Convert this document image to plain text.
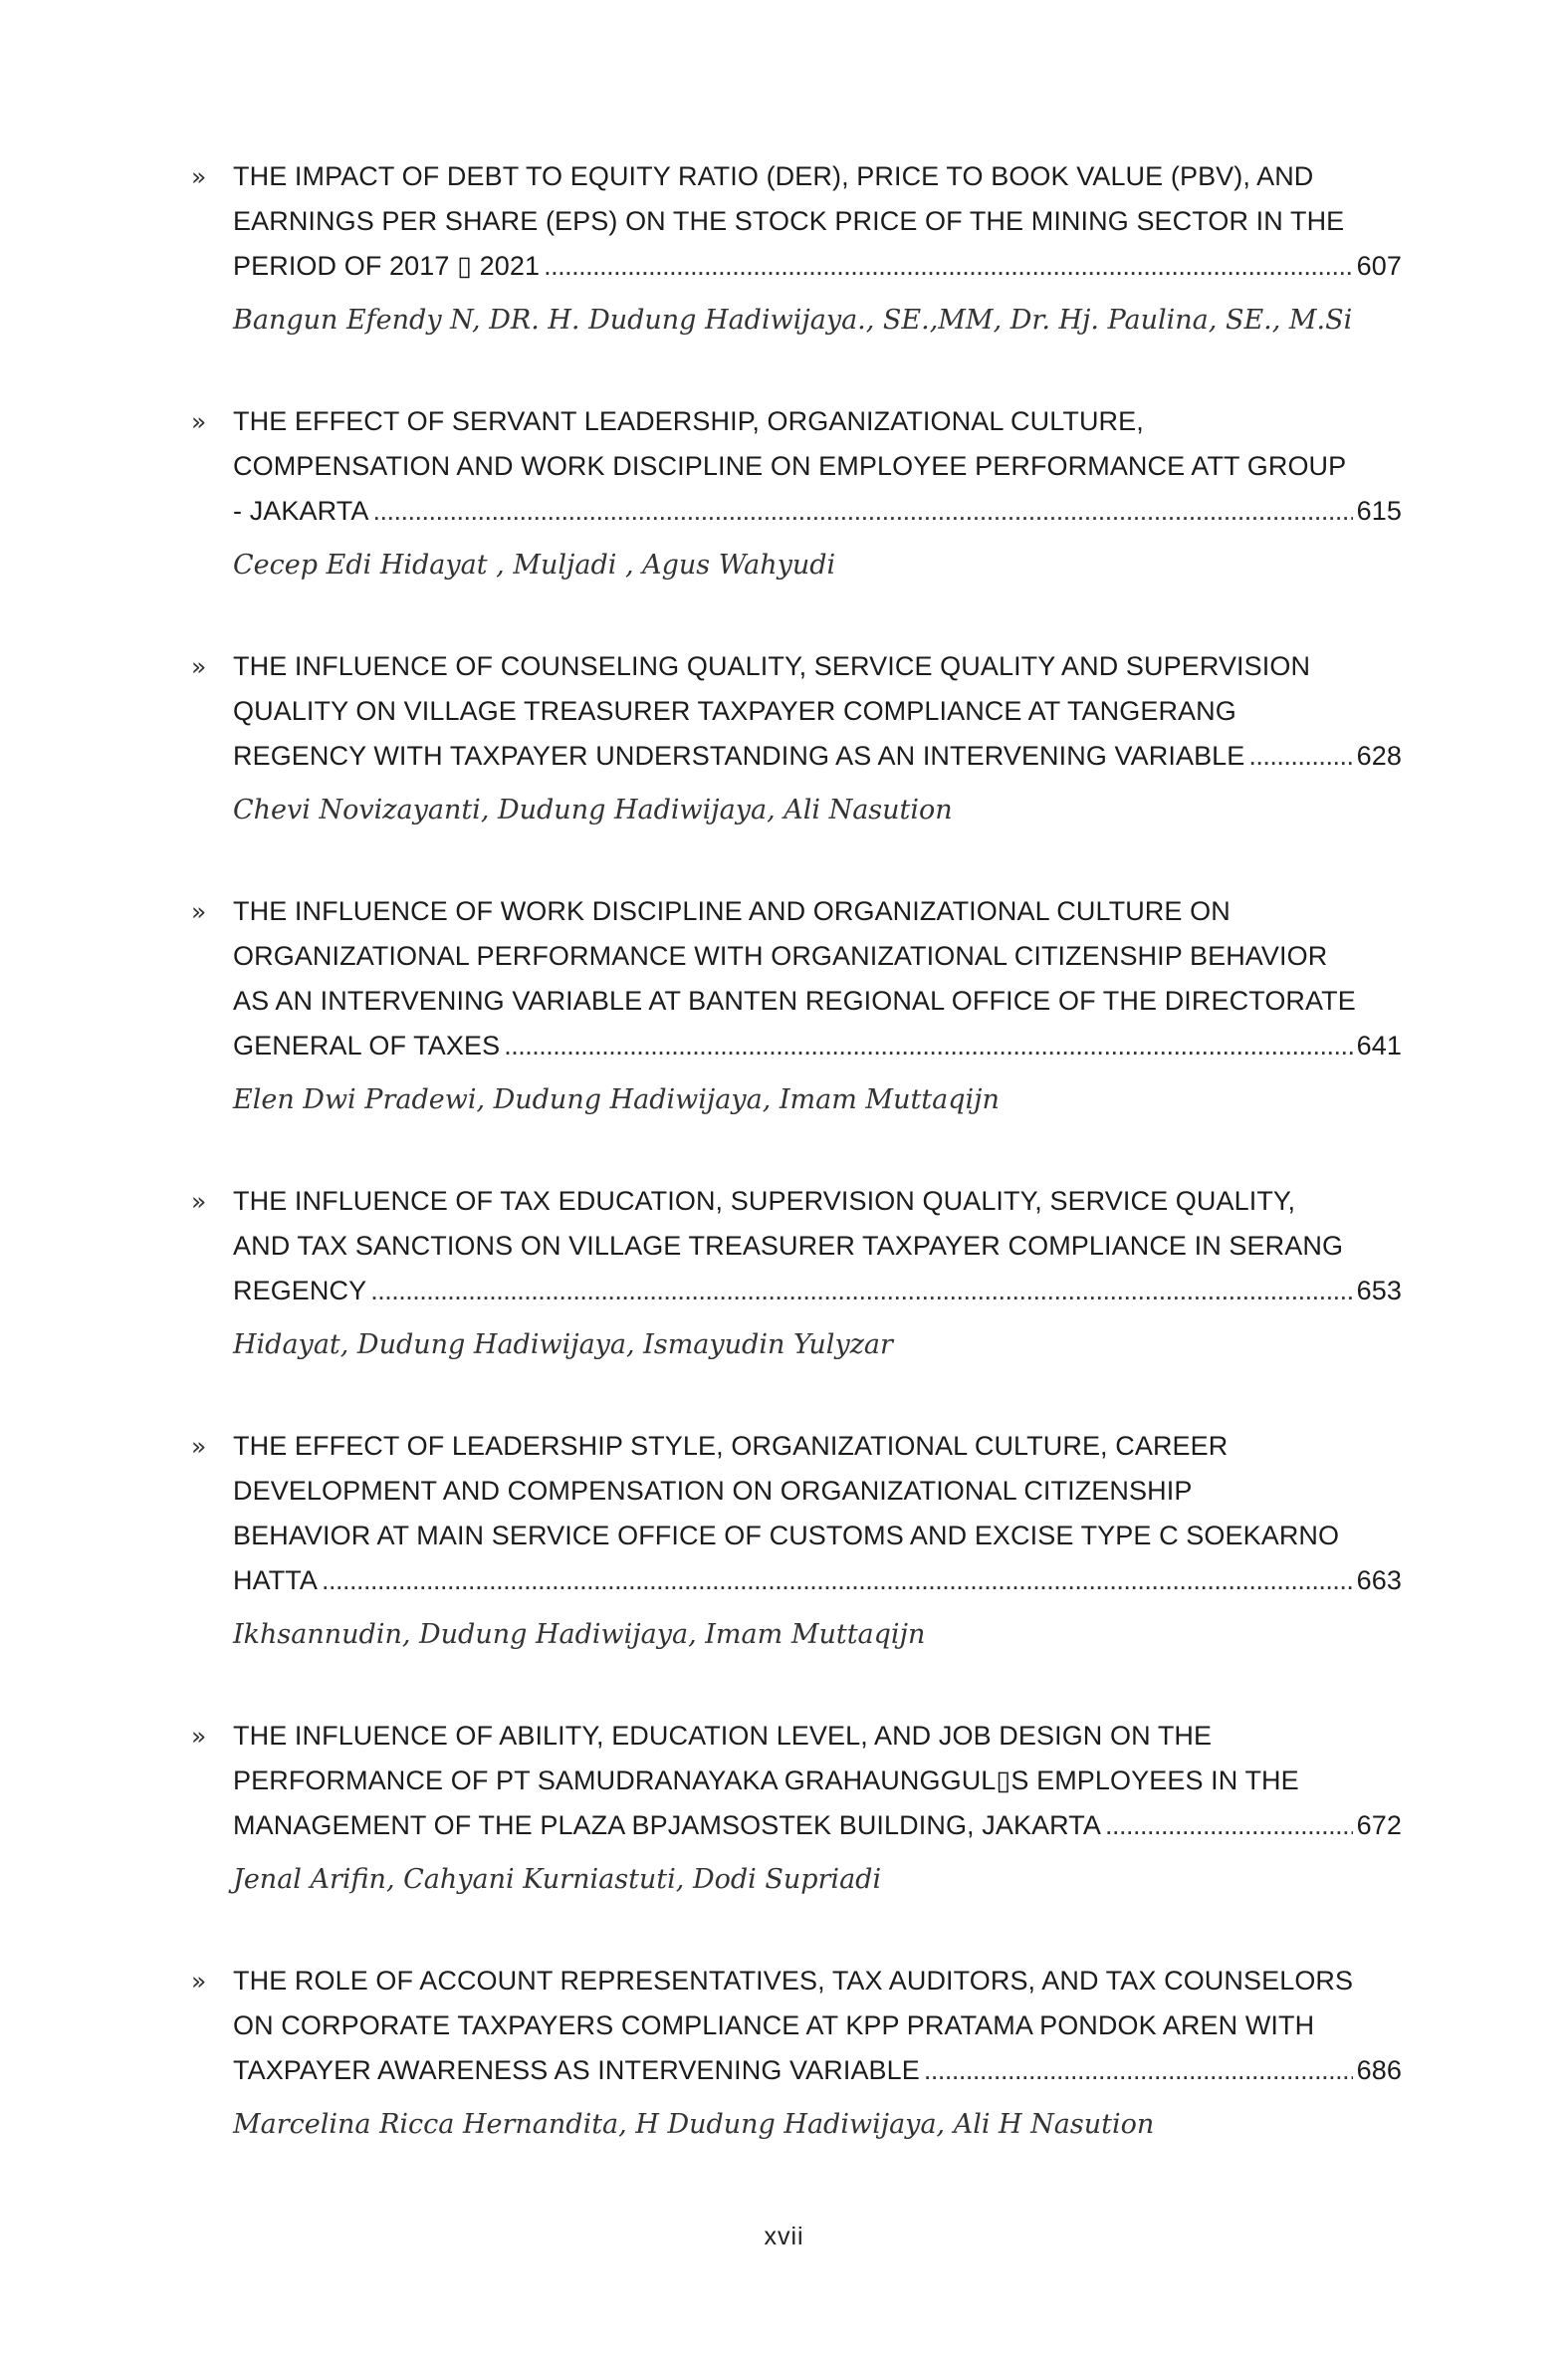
» THE IMPACT OF DEBT TO EQUITY RATIO (DER), PRICE TO BOOK VALUE (PBV), AND
EARNINGS PER SHARE (EPS) ON THE STOCK PRICE OF THE MINING SECTOR IN THE
PERIOD OF 2017 ▯ 2021 . . .	607
Bangun Efendy N, DR. H. Dudung Hadiwijaya., SE.,MM, Dr. Hj. Paulina, SE., M.Si
» THE EFFECT OF SERVANT LEADERSHIP, ORGANIZATIONAL CULTURE,
COMPENSATION AND WORK DISCIPLINE ON EMPLOYEE PERFORMANCE ATT GROUP
- JAKARTA . . .	615
Cecep Edi Hidayat , Muljadi , Agus Wahyudi
» THE INFLUENCE OF COUNSELING QUALITY, SERVICE QUALITY AND SUPERVISION
QUALITY ON VILLAGE TREASURER TAXPAYER COMPLIANCE AT TANGERANG
REGENCY WITH TAXPAYER UNDERSTANDING AS AN INTERVENING VARIABLE . . .	628
Chevi Novizayanti, Dudung Hadiwijaya, Ali Nasution
» THE INFLUENCE OF WORK DISCIPLINE AND ORGANIZATIONAL CULTURE ON
ORGANIZATIONAL PERFORMANCE WITH ORGANIZATIONAL CITIZENSHIP BEHAVIOR
AS AN INTERVENING VARIABLE AT BANTEN REGIONAL OFFICE OF THE DIRECTORATE
GENERAL OF TAXES . . .	641
Elen Dwi Pradewi, Dudung Hadiwijaya, Imam Muttaqijn
» THE INFLUENCE OF TAX EDUCATION, SUPERVISION QUALITY, SERVICE QUALITY,
AND TAX SANCTIONS ON VILLAGE TREASURER TAXPAYER COMPLIANCE IN SERANG
REGENCY . . .	653
Hidayat, Dudung Hadiwijaya, Ismayudin Yulyzar
» THE EFFECT OF LEADERSHIP STYLE, ORGANIZATIONAL CULTURE, CAREER
DEVELOPMENT AND COMPENSATION ON ORGANIZATIONAL CITIZENSHIP
BEHAVIOR AT MAIN SERVICE OFFICE OF CUSTOMS AND EXCISE TYPE C SOEKARNO
HATTA . . .	663
Ikhsannudin, Dudung Hadiwijaya, Imam Muttaqijn
» THE INFLUENCE OF ABILITY, EDUCATION LEVEL, AND JOB DESIGN ON THE
PERFORMANCE OF PT SAMUDRANAYAKA GRAHAUNGGUL▯S EMPLOYEES IN THE
MANAGEMENT OF THE PLAZA BPJAMSOSTEK BUILDING, JAKARTA . . .	672
Jenal Arifin, Cahyani Kurniastuti, Dodi Supriadi
» THE ROLE OF ACCOUNT REPRESENTATIVES, TAX AUDITORS, AND TAX COUNSELORS
ON CORPORATE TAXPAYERS COMPLIANCE AT KPP PRATAMA PONDOK AREN WITH
TAXPAYER AWARENESS AS INTERVENING VARIABLE . . .	686
Marcelina Ricca Hernandita, H Dudung Hadiwijaya, Ali H Nasution
xvii
